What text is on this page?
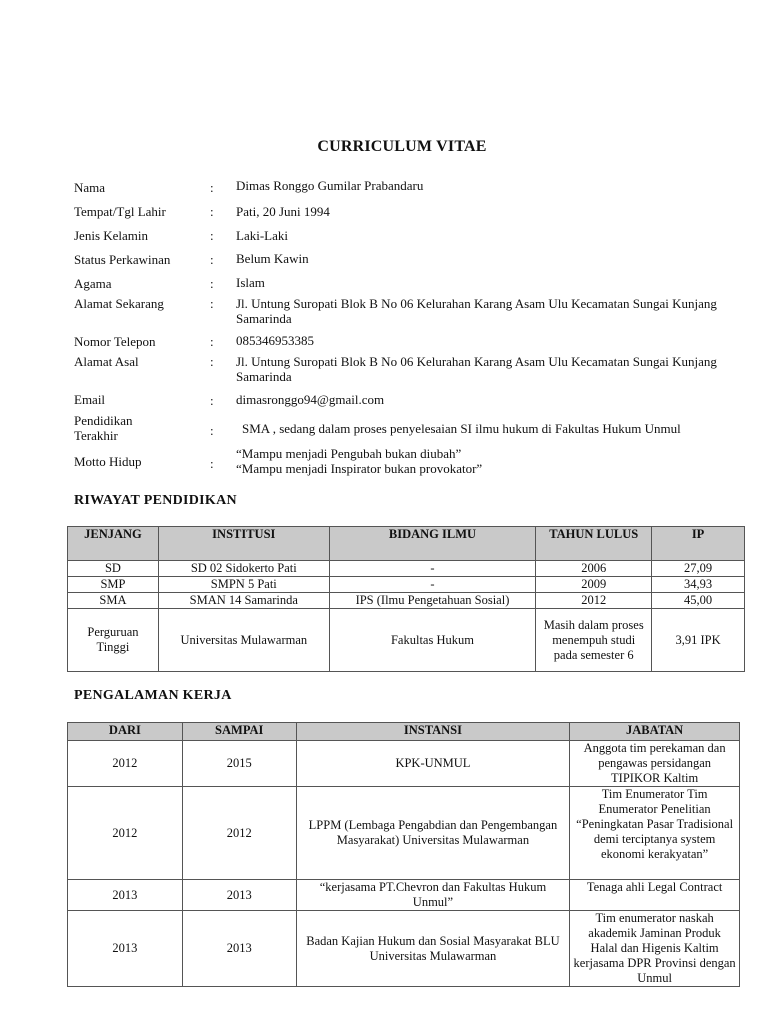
CURRICULUM VITAE
Nama	: Dimas Ronggo Gumilar Prabandaru
Tempat/Tgl Lahir	: Pati, 20 Juni 1994
Jenis Kelamin	: Laki-Laki
Status Perkawinan	: Belum Kawin
Agama	: Islam
Alamat Sekarang	: Jl. Untung Suropati Blok B No 06 Kelurahan Karang Asam Ulu Kecamatan Sungai Kunjang Samarinda
Nomor Telepon	: 085346953385
Alamat Asal	: Jl. Untung Suropati Blok B No 06 Kelurahan Karang Asam Ulu Kecamatan Sungai Kunjang Samarinda
Email	: dimasronggo94@gmail.com
Pendidikan Terakhir	: SMA , sedang dalam proses penyelesaian SI ilmu hukum di Fakultas Hukum Unmul
Motto Hidup	:
“Mampu menjadi Pengubah bukan diubah”
“Mampu menjadi Inspirator bukan provokator”
RIWAYAT PENDIDIKAN
JENJANG	INSTITUSI	BIDANG ILMU	TAHUN LULUS	IP
SD	SD 02 Sidokerto Pati	-	2006	27,09
SMP	SMPN 5 Pati	-	2009	34,93
SMA	SMAN 14 Samarinda	IPS (Ilmu Pengetahuan Sosial)	2012	45,00
Perguruan Tinggi	Universitas Mulawarman	Fakultas Hukum	Masih dalam proses menempuh studi pada semester 6	3,91 IPK
PENGALAMAN KERJA
DARI	SAMPAI	INSTANSI	JABATAN
2012	2015	KPK-UNMUL	Anggota tim perekaman dan pengawas persidangan TIPIKOR Kaltim
2012	2012	LPPM (Lembaga Pengabdian dan Pengembangan Masyarakat) Universitas Mulawarman	Tim Enumerator Tim Enumerator Penelitian “Peningkatan Pasar Tradisional demi terciptanya system ekonomi kerakyatan”
2013	2013	“kerjasama PT.Chevron dan Fakultas Hukum Unmul”	Tenaga ahli Legal Contract
2013	2013	Badan Kajian Hukum dan Sosial Masyarakat BLU Universitas Mulawarman	Tim enumerator naskah akademik Jaminan Produk Halal dan Higenis Kaltim kerjasama DPR Provinsi dengan Unmul
